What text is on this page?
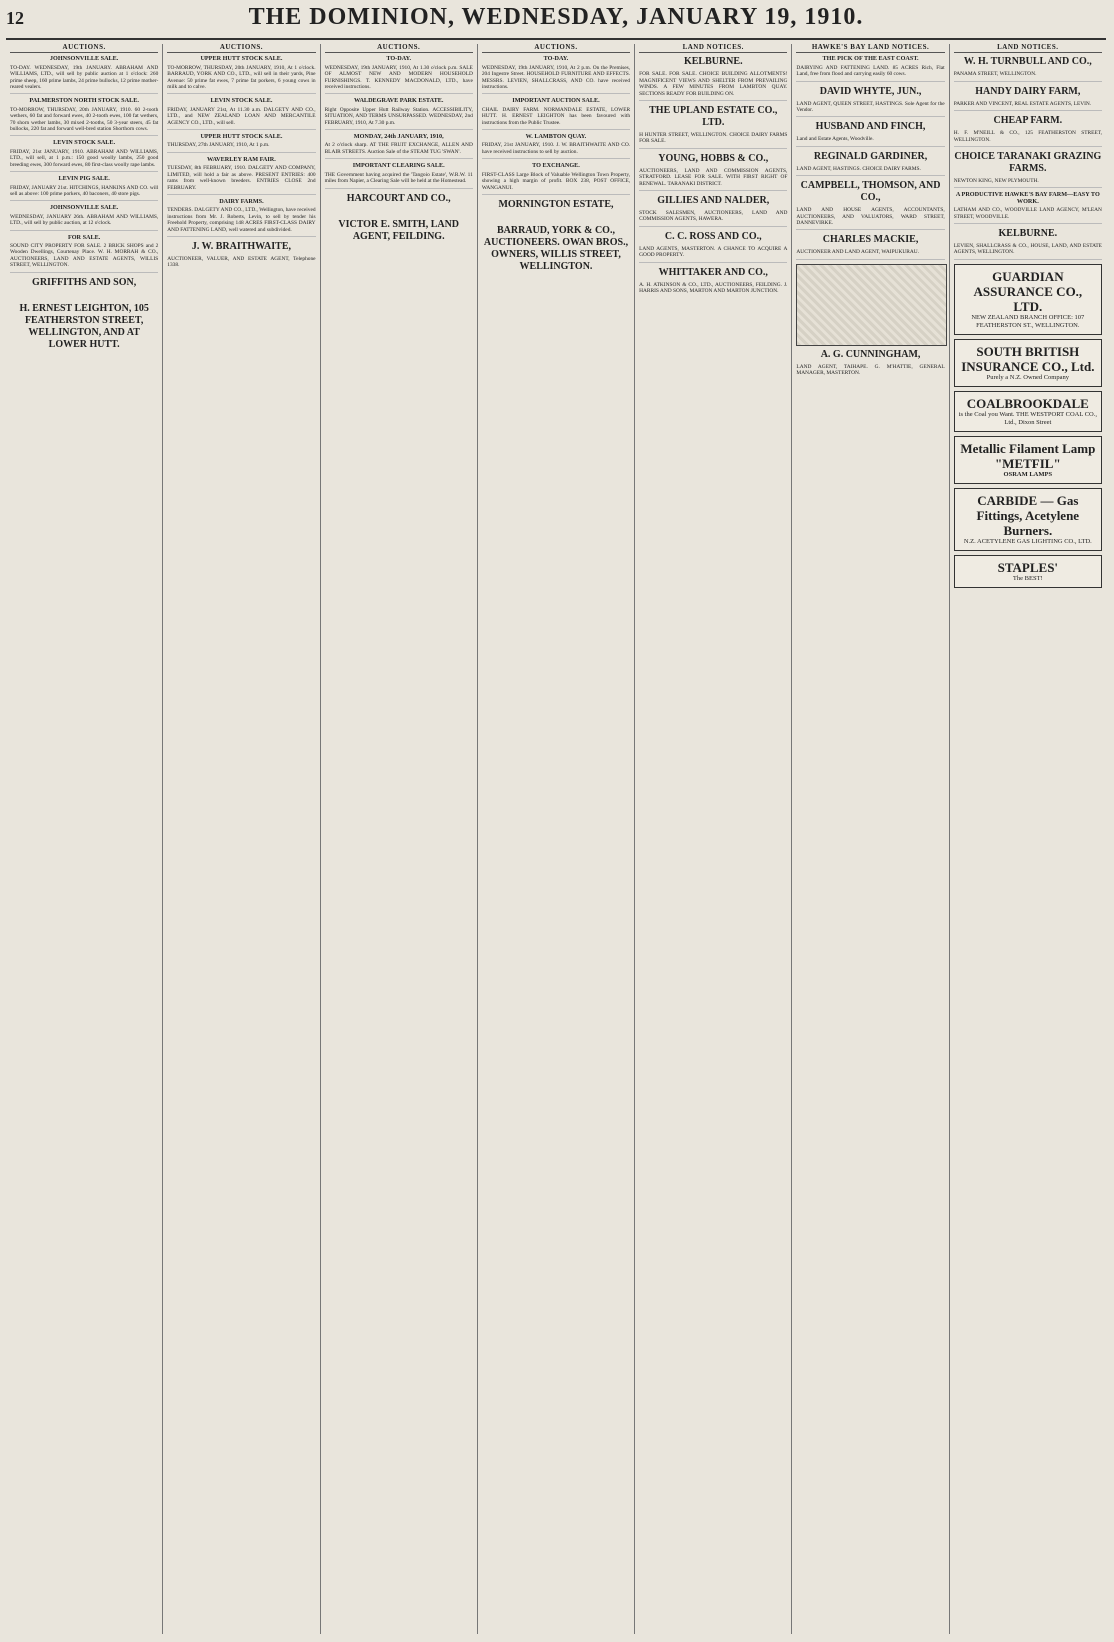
12	THE DOMINION, WEDNESDAY, JANUARY 19, 1910.
AUCTIONS.
JOHNSONVILLE SALE.
TO-DAY. WEDNESDAY, 19th JANUARY. ABRAHAM AND WILLIAMS, LTD., will sell by public auction at 1 o'clock: 260 prime sheep, 160 prime lambs, 24 prime bullocks, 12 prime mother-reared vealers.
PALMERSTON NORTH STOCK SALE.
TO-MORROW, THURSDAY, 20th JANUARY, 1910. 60 2-tooth wethers, 60 fat and forward ewes, 40 2-tooth ewes, 100 fat wethers, 70 shorn wether lambs, 30 mixed 2-tooths, 50 3-year steers, 45 fat bullocks, 220 fat and forward well-bred station Shorthorn cows.
LEVIN STOCK SALE.
FRIDAY, 21st JANUARY, 1910. ABRAHAM AND WILLIAMS, LTD., will sell, at 1 p.m.: 150 good woolly lambs, 250 good breeding ewes, 300 forward ewes, 80 first-class woolly rape lambs.
LEVIN PIG SALE.
FRIDAY, JANUARY 21st. HITCHINGS, HANKINS AND CO. will sell as above: 100 prime porkers, 40 baconers, 40 store pigs.
JOHNSONVILLE SALE.
WEDNESDAY, JANUARY 26th. ABRAHAM AND WILLIAMS, LTD., will sell by public auction, at 12 o'clock.
FOR SALE.
SOUND CITY PROPERTY FOR SALE. 2 BRICK SHOPS and 2 Wooden Dwellings, Courtenay Place. W. H. MORRAH & CO., AUCTIONEERS, LAND AND ESTATE AGENTS, WILLIS STREET, WELLINGTON.
GRIFFITHS AND SON,
H. ERNEST LEIGHTON, 105 FEATHERSTON STREET, WELLINGTON, AND AT LOWER HUTT.
AUCTIONS.
UPPER HUTT STOCK SALE.
TO-MORROW, THURSDAY, 20th JANUARY, 1910, At 1 o'clock. BARRAUD, YORK AND CO., LTD., will sell in their yards, Pine Avenue: 50 prime fat ewes, 7 prime fat porkers, 6 young cows in milk and to calve.
LEVIN STOCK SALE.
FRIDAY, JANUARY 21st, At 11.30 a.m. DALGETY AND CO., LTD., and NEW ZEALAND LOAN AND MERCANTILE AGENCY CO., LTD., will sell.
UPPER HUTT STOCK SALE.
THURSDAY, 27th JANUARY, 1910, At 1 p.m.
WAVERLEY RAM FAIR.
TUESDAY, 8th FEBRUARY, 1910. DALGETY AND COMPANY, LIMITED, will hold a fair as above. PRESENT ENTRIES: 400 rams from well-known breeders. ENTRIES CLOSE 2nd FEBRUARY.
DAIRY FARMS.
TENDERS. DALGETY AND CO., LTD., Wellington, have received instructions from Mr. J. Roberts, Levin, to sell by tender his Freehold Property, comprising 148 ACRES FIRST-CLASS DAIRY AND FATTENING LAND, well watered and subdivided.
J. W. BRAITHWAITE,
AUCTIONEER, VALUER, AND ESTATE AGENT, Telephone 1338.
AUCTIONS.
TO-DAY.
WEDNESDAY, 19th JANUARY, 1910, At 1.30 o'clock p.m. SALE OF ALMOST NEW AND MODERN HOUSEHOLD FURNISHINGS. T. KENNEDY MACDONALD, LTD., have received instructions.
WALDEGRAVE PARK ESTATE.
Right Opposite Upper Hutt Railway Station. ACCESSIBILITY, SITUATION, AND TERMS UNSURPASSED. WEDNESDAY, 2nd FEBRUARY, 1910, At 7.30 p.m.
MONDAY, 24th JANUARY, 1910,
At 2 o'clock sharp. AT THE FRUIT EXCHANGE, ALLEN AND BLAIR STREETS. Auction Sale of the STEAM TUG 'SWAN'.
IMPORTANT CLEARING SALE.
THE Government having acquired the 'Tangoio Estate', W.R.W. 11 miles from Napier, a Clearing Sale will be held at the Homestead.
HARCOURT AND CO.,
VICTOR E. SMITH, LAND AGENT, FEILDING.
AUCTIONS.
TO-DAY.
WEDNESDAY, 19th JANUARY, 1910, At 2 p.m. On the Premises, 204 Ingestre Street. HOUSEHOLD FURNITURE AND EFFECTS. MESSRS. LEVIEN, SHALLCRASS, AND CO. have received instructions.
IMPORTANT AUCTION SALE.
CHAIL DAIRY FARM. NORMANDALE ESTATE, LOWER HUTT. H. ERNEST LEIGHTON has been favoured with instructions from the Public Trustee.
W. LAMBTON QUAY.
FRIDAY, 21st JANUARY, 1910. J. W. BRAITHWAITE AND CO. have received instructions to sell by auction.
TO EXCHANGE.
FIRST-CLASS Large Block of Valuable Wellington Town Property, showing a high margin of profit. BOX 238, POST OFFICE, WANGANUI.
MORNINGTON ESTATE,
BARRAUD, YORK & CO., AUCTIONEERS. OWAN BROS., OWNERS, WILLIS STREET, WELLINGTON.
LAND NOTICES.
KELBURNE.
FOR SALE. FOR SALE. CHOICE BUILDING ALLOTMENTS! MAGNIFICENT VIEWS AND SHELTER FROM PREVAILING WINDS. A FEW MINUTES FROM LAMBTON QUAY. SECTIONS READY FOR BUILDING ON.
THE UPLAND ESTATE CO., LTD.
H HUNTER STREET, WELLINGTON. CHOICE DAIRY FARMS FOR SALE.
YOUNG, HOBBS & CO.,
AUCTIONEERS, LAND AND COMMISSION AGENTS, STRATFORD. LEASE FOR SALE. WITH FIRST RIGHT OF RENEWAL. TARANAKI DISTRICT.
GILLIES AND NALDER,
STOCK SALESMEN, AUCTIONEERS, LAND AND COMMISSION AGENTS, HAWERA.
C. C. ROSS AND CO.,
LAND AGENTS, MASTERTON. A CHANCE TO ACQUIRE A GOOD PROPERTY.
WHITTAKER AND CO.,
A. H. ATKINSON & CO., LTD., AUCTIONEERS, FEILDING. J. HARRIS AND SONS, MARTON AND MARTON JUNCTION.
HAWKE'S BAY LAND NOTICES.
THE PICK OF THE EAST COAST.
DAIRYING AND FATTENING LAND. 85 ACRES Rich, Flat Land, free from flood and carrying easily 60 cows.
DAVID WHYTE, JUN.,
LAND AGENT, QUEEN STREET, HASTINGS. Sole Agent for the Vendor.
HUSBAND AND FINCH,
Land and Estate Agents, Woodville.
REGINALD GARDINER,
LAND AGENT, HASTINGS. CHOICE DAIRY FARMS.
CAMPBELL, THOMSON, AND CO.,
LAND AND HOUSE AGENTS, ACCOUNTANTS, AUCTIONEERS, AND VALUATORS, WARD STREET, DANNEVIRKE.
CHARLES MACKIE,
AUCTIONEER AND LAND AGENT, WAIPUKURAU.
A. G. CUNNINGHAM,
LAND AGENT, TAIHAPE. G. M'HATTIE, GENERAL MANAGER, MASTERTON.
LAND NOTICES.
W. H. TURNBULL AND CO.,
PANAMA STREET, WELLINGTON.
HANDY DAIRY FARM,
PARKER AND VINCENT, REAL ESTATE AGENTS, LEVIN.
CHEAP FARM.
H. F. M'NEILL & CO., 125 FEATHERSTON STREET, WELLINGTON.
CHOICE TARANAKI GRAZING FARMS.
NEWTON KING, NEW PLYMOUTH.
A PRODUCTIVE HAWKE'S BAY FARM—EASY TO WORK.
LATHAM AND CO., WOODVILLE LAND AGENCY, M'LEAN STREET, WOODVILLE.
KELBURNE.
LEVIEN, SHALLCRASS & CO., HOUSE, LAND, AND ESTATE AGENTS, WELLINGTON.
GUARDIAN ASSURANCE CO., LTD.
NEW ZEALAND BRANCH OFFICE: 107 FEATHERSTON ST., WELLINGTON.
SOUTH BRITISH INSURANCE CO., Ltd.
Purely a N.Z. Owned Company
COALBROOKDALE
is the Coal you Want. THE WESTPORT COAL CO., Ltd., Dixon Street
Metallic Filament Lamp "METFIL"
OSRAM LAMPS
CARBIDE — Gas Fittings, Acetylene Burners.
N.Z. ACETYLENE GAS LIGHTING CO., LTD.
STAPLES'
The BEST!
